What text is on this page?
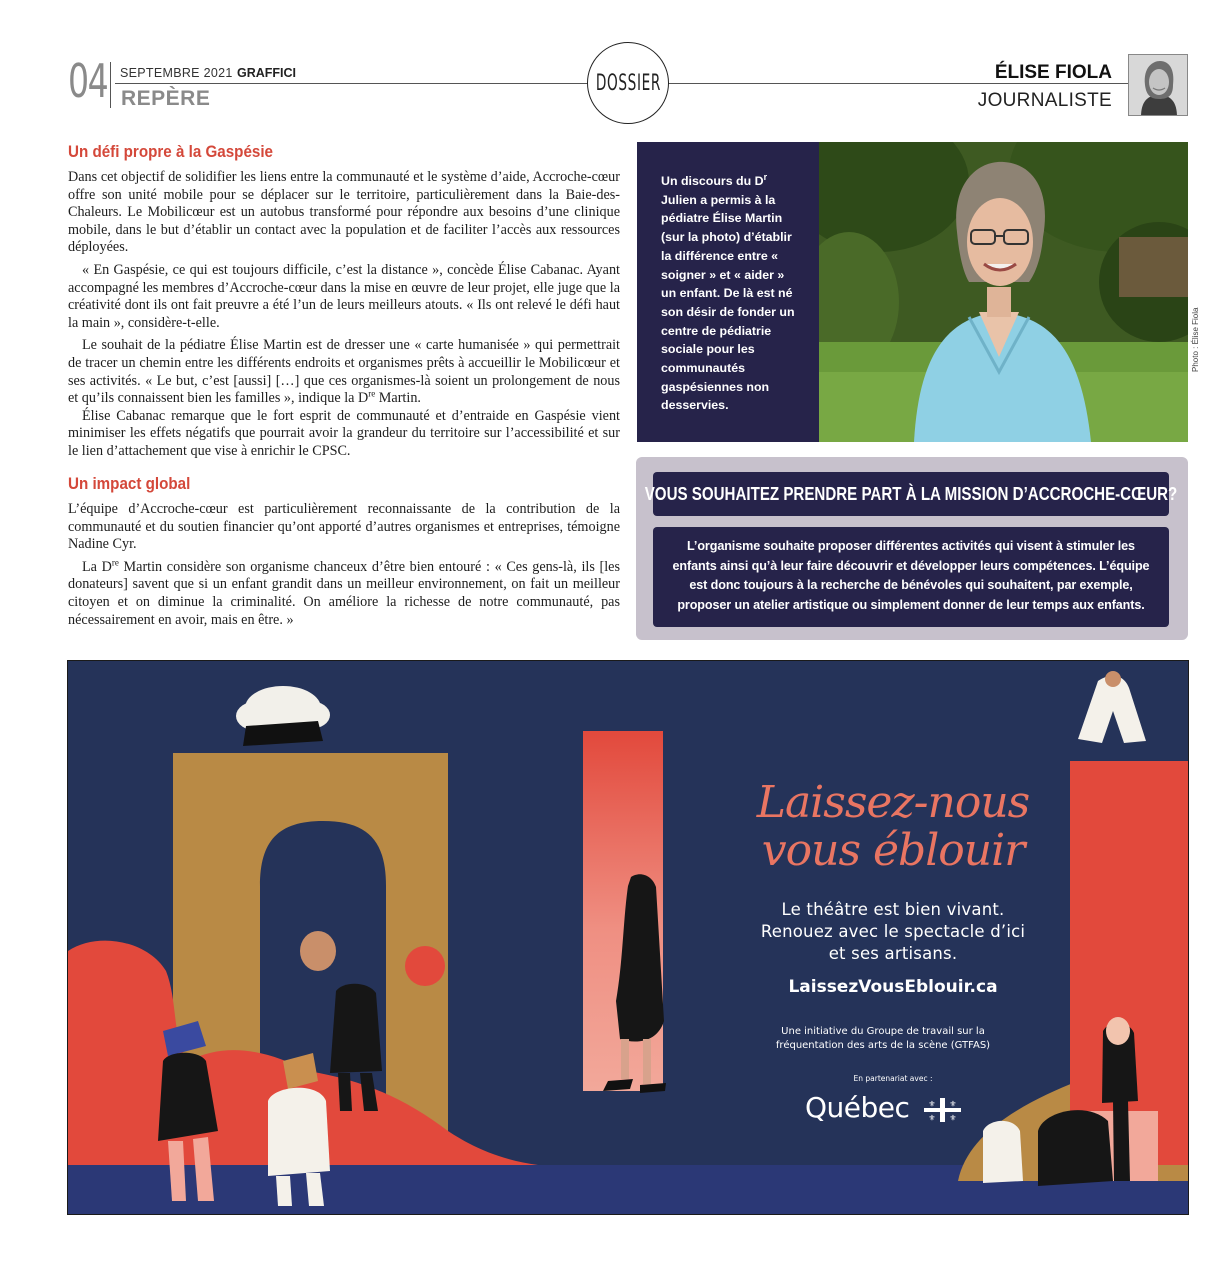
04 SEPTEMBRE 2021 GRAFFICI
REPÈRE
DOSSIER	ÉLISE FIOLA
JOURNALISTE
Un défi propre à la Gaspésie

Dans cet objectif de solidifier les liens entre la communauté et le système d’aide, Accroche-cœur offre son unité mobile pour se déplacer sur le territoire, particulièrement dans la Baie-des-Chaleurs. Le Mobilicœur est un autobus transformé pour répondre aux besoins d’une clinique mobile, dans le but d’établir un contact avec la population et de faciliter l’accès aux ressources déployées.

« En Gaspésie, ce qui est toujours difficile, c’est la distance », concède Élise Cabanac. Ayant accompagné les membres d’Accroche-cœur dans la mise en œuvre de leur projet, elle juge que la créativité dont ils ont fait preuvre a été l’un de leurs meilleurs atouts. « Ils ont relevé le défi haut la main », considère-t-elle.

Le souhait de la pédiatre Élise Martin est de dresser une « carte humanisée » qui permettrait de tracer un chemin entre les différents endroits et organismes prêts à accueillir le Mobilicœur et ses activités. « Le but, c’est [aussi] […] que ces organismes-là soient un prolongement de nous et qu’ils connaissent bien les familles », indique la Dre Martin.

Élise Cabanac remarque que le fort esprit de communauté et d’entraide en Gaspésie vient minimiser les effets négatifs que pourrait avoir la grandeur du territoire sur l’accessibilité et sur le lien d’attachement que vise à enrichir le CPSC.

Un impact global

L’équipe d’Accroche-cœur est particulièrement reconnaissante de la contribution de la communauté et du soutien financier qu’ont apporté d’autres organismes et entreprises, témoigne Nadine Cyr.

La Dre Martin considère son organisme chanceux d’être bien entouré : « Ces gens-là, ils [les donateurs] savent que si un enfant grandit dans un meilleur environnement, on fait un meilleur citoyen et on diminue la criminalité. On améliore la richesse de notre communauté, pas nécessairement en avoir, mais en être. »

Un discours du $D^r$ Julien a permis à la pédiatre Élise Martin (sur la photo) d’établir la différence entre « soigner » et « aider » un enfant. De là est né son désir de fonder un centre de pédiatrie sociale pour les communautés gaspésiennes non desservies.
Photo : Élise Fiola
VOUS SOUHAITEZ PRENDRE PART À LA MISSION D’ACCROCHE-CŒUR?

L’organisme souhaite proposer différentes activités qui visent à stimuler les enfants ainsi qu’à leur faire découvrir et développer leurs compétences. L’équipe est donc toujours à la recherche de bénévoles qui souhaitent, par exemple, proposer un atelier artistique ou simplement donner de leur temps aux enfants.

Laissez-nous
vous éblouir
Le théâtre est bien vivant.
Renouez avec le spectacle d’ici
et ses artisans.
LaissezVousEblouir.ca
Une initiative du Groupe de travail sur la
fréquentation des arts de la scène (GTFAS)
En partenariat avec :
Québec ⚜ ⚜
⚜ ⚜
